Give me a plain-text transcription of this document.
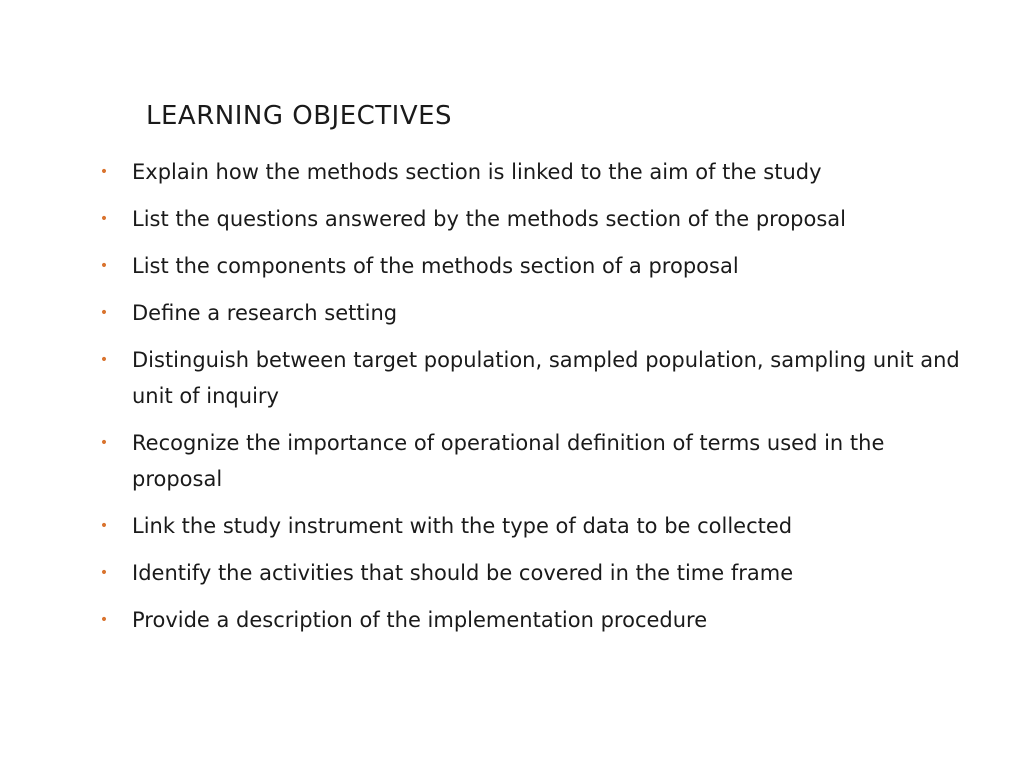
LEARNING OBJECTIVES
• Explain how the methods section is linked to the aim of the study
• List the questions answered by the methods section of the proposal
• List the components of the methods section of a proposal
• Define a research setting
• Distinguish between target population, sampled population, sampling unit and unit of inquiry
• Recognize the importance of operational definition of terms used in the proposal
• Link the study instrument with the type of data to be collected
• Identify the activities that should be covered in the time frame
• Provide a description of the implementation procedure
